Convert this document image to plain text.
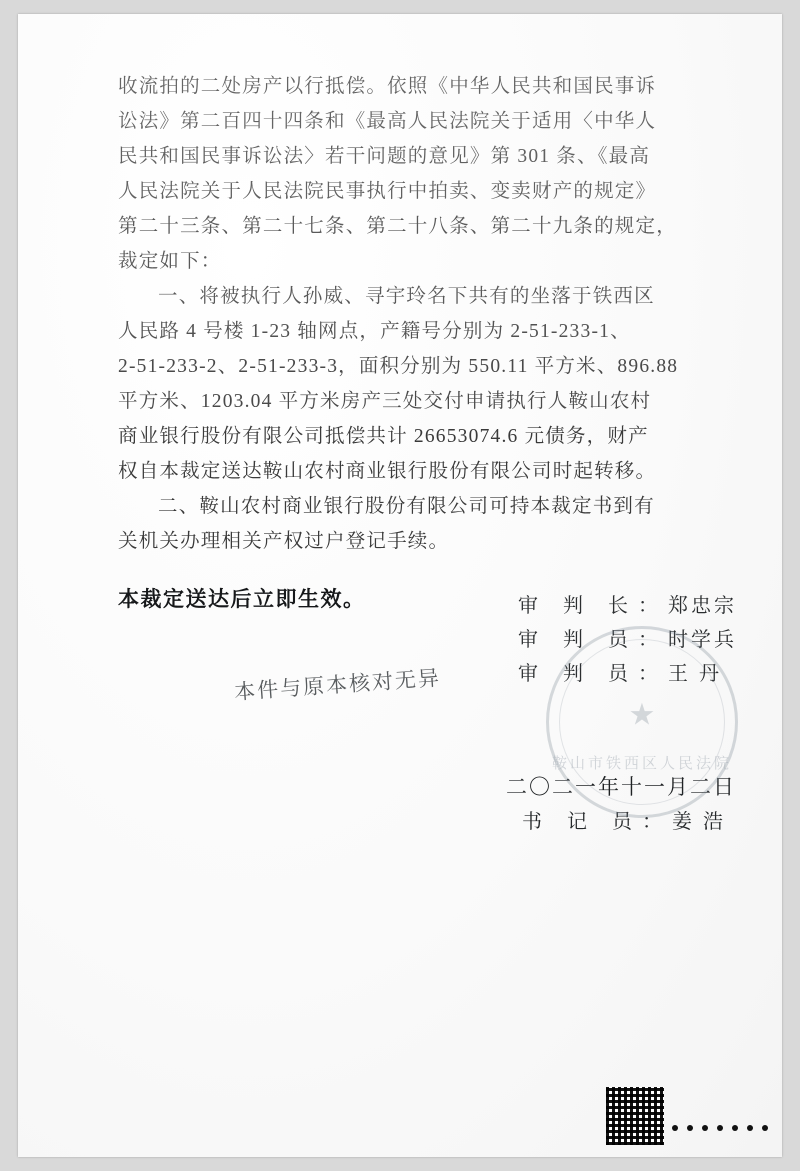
收流拍的二处房产以行抵偿。依照《中华人民共和国民事诉

讼法》第二百四十四条和《最高人民法院关于适用〈中华人

民共和国民事诉讼法〉若干问题的意见》第 301 条、《最高

人民法院关于人民法院民事执行中拍卖、变卖财产的规定》

第二十三条、第二十七条、第二十八条、第二十九条的规定，

裁定如下：

一、将被执行人孙威、寻宇玲名下共有的坐落于铁西区

人民路 4 号楼 1-23 轴网点，产籍号分别为 2-51-233-1、

2-51-233-2、2-51-233-3，面积分别为 550.11 平方米、896.88

平方米、1203.04 平方米房产三处交付申请执行人鞍山农村

商业银行股份有限公司抵偿共计 26653074.6 元债务，财产

权自本裁定送达鞍山农村商业银行股份有限公司时起转移。

二、鞍山农村商业银行股份有限公司可持本裁定书到有

关机关办理相关产权过户登记手续。

本裁定送达后立即生效。	审 判 长：郑忠宗
审 判 员：时学兵
审 判 员：王 丹
二〇二一年十一月二日
书 记 员：姜 浩
本件与原本核对无异
★
鞍山市铁西区人民法院
